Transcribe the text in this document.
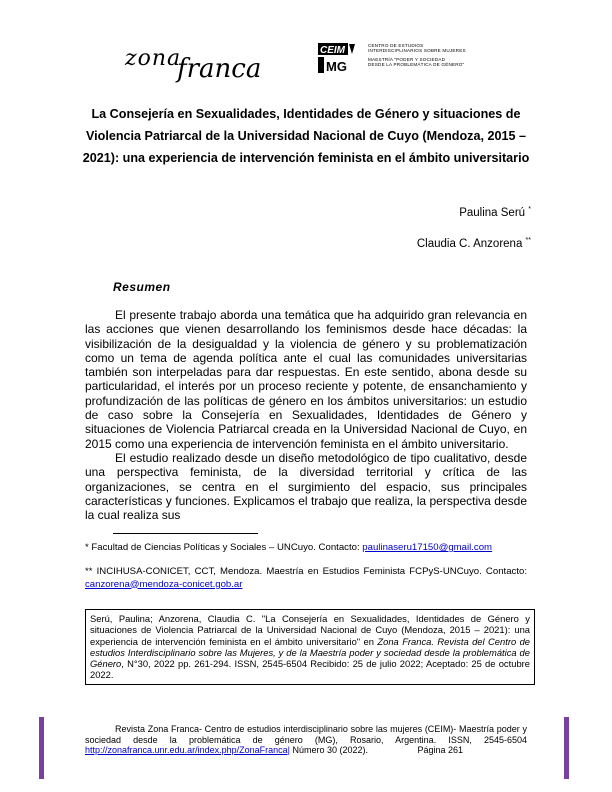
zona
franca
CEIM
MG
CENTRO DE ESTUDIOS
INTERDISCIPLINARIOS SOBRE MUJERES
MAESTRÍA "PODER Y SOCIEDAD
DESDE LA PROBLEMÁTICA DE GÉNERO"
La Consejería en Sexualidades, Identidades de Género y situaciones de Violencia Patriarcal de la Universidad Nacional de Cuyo (Mendoza, 2015 – 2021): una experiencia de intervención feminista en el ámbito universitario
Paulina Serú *
Claudia C. Anzorena **
Resumen

El presente trabajo aborda una temática que ha adquirido gran relevancia en las acciones que vienen desarrollando los feminismos desde hace décadas: la visibilización de la desigualdad y la violencia de género y su problematización como un tema de agenda política ante el cual las comunidades universitarias también son interpeladas para dar respuestas. En este sentido, abona desde su particularidad, el interés por un proceso reciente y potente, de ensanchamiento y profundización de las políticas de género en los ámbitos universitarios: un estudio de caso sobre la Consejería en Sexualidades, Identidades de Género y situaciones de Violencia Patriarcal creada en la Universidad Nacional de Cuyo, en 2015 como una experiencia de intervención feminista en el ámbito universitario.

El estudio realizado desde un diseño metodológico de tipo cualitativo, desde una perspectiva feminista, de la diversidad territorial y crítica de las organizaciones, se centra en el surgimiento del espacio, sus principales características y funciones. Explicamos el trabajo que realiza, la perspectiva desde la cual realiza sus

* Facultad de Ciencias Políticas y Sociales – UNCuyo. Contacto: paulinaseru17150@gmail.com
** INCIHUSA-CONICET, CCT, Mendoza. Maestría en Estudios Feminista FCPyS-UNCuyo. Contacto: canzorena@mendoza-conicet.gob.ar
Serú, Paulina; Anzorena, Claudia C. "La Consejería en Sexualidades, Identidades de Género y situaciones de Violencia Patriarcal de la Universidad Nacional de Cuyo (Mendoza, 2015 – 2021): una experiencia de intervención feminista en el ámbito universitario" en Zona Franca. Revista del Centro de estudios Interdisciplinario sobre las Mujeres, y de la Maestría poder y sociedad desde la problemática de Género, N°30, 2022 pp. 261-294. ISSN, 2545-6504 Recibido: 25 de julio 2022; Aceptado: 25 de octubre 2022.

Revista Zona Franca- Centro de estudios interdisciplinario sobre las mujeres (CEIM)- Maestría poder y sociedad desde la problemática de género (MG), Rosario, Argentina. ISSN, 2545-6504 http://zonafranca.unr.edu.ar/index.php/ZonaFranca| Número 30 (2022).	Página 261
